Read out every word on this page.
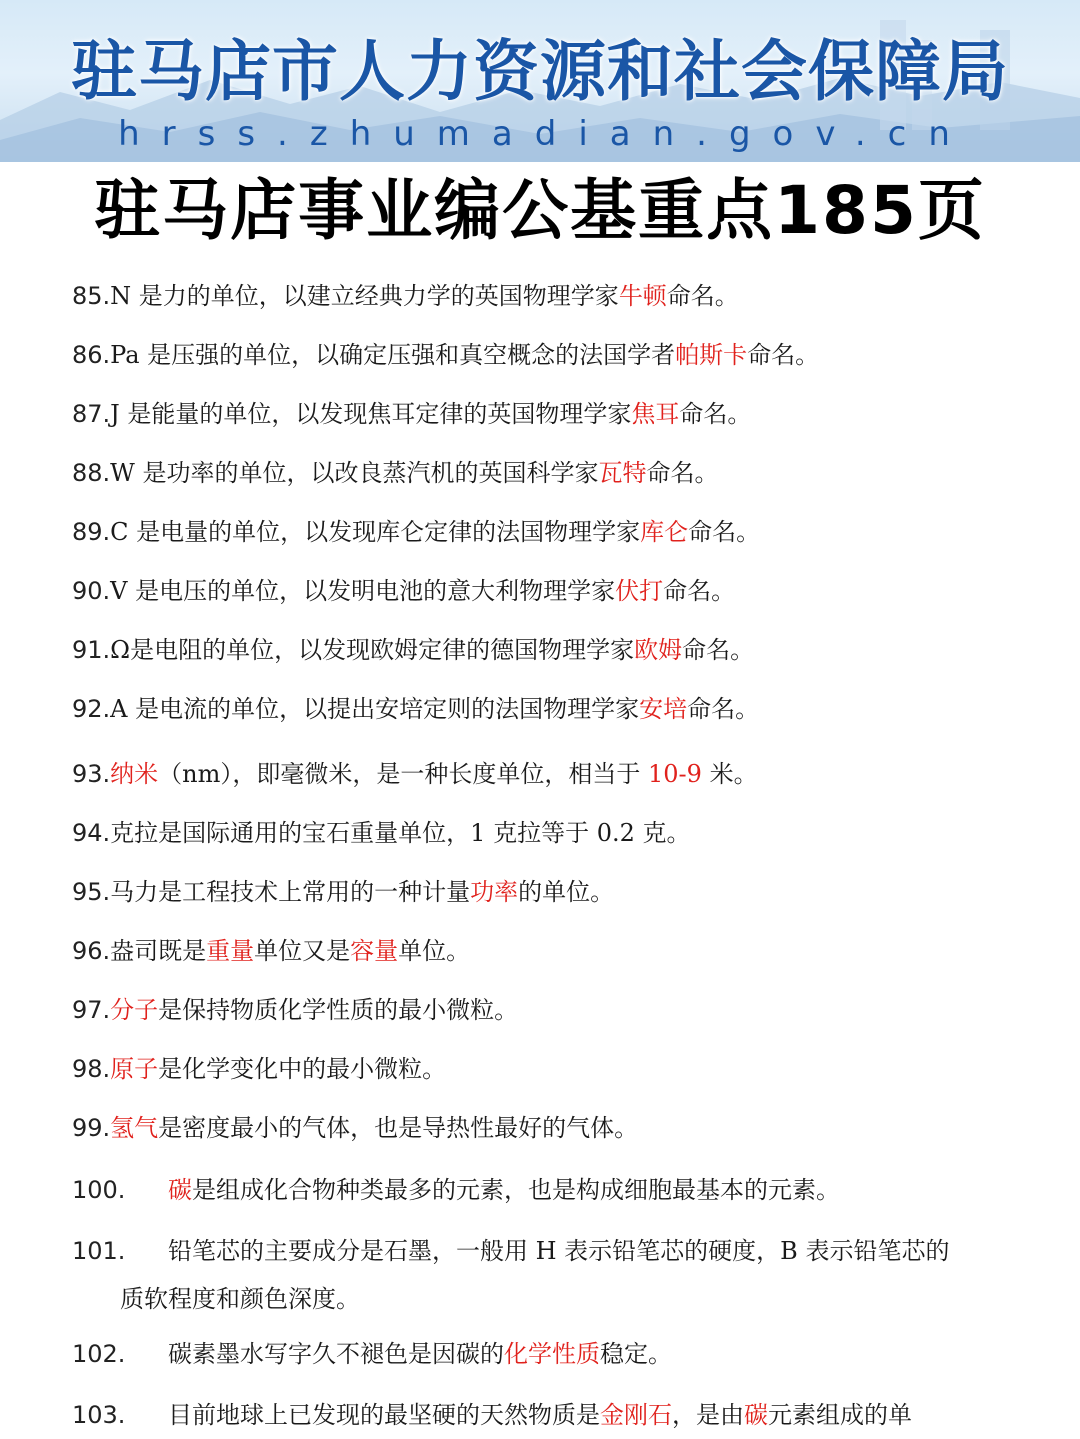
驻马店市人力资源和社会保障局
hrss.zhumadian.gov.cn
驻马店事业编公基重点185页
85.N 是力的单位，以建立经典力学的英国物理学家牛顿命名。
86.Pa 是压强的单位，以确定压强和真空概念的法国学者帕斯卡命名。
87.J 是能量的单位，以发现焦耳定律的英国物理学家焦耳命名。
88.W 是功率的单位，以改良蒸汽机的英国科学家瓦特命名。
89.C 是电量的单位，以发现库仑定律的法国物理学家库仑命名。
90.V 是电压的单位，以发明电池的意大利物理学家伏打命名。
91.Ω是电阻的单位，以发现欧姆定律的德国物理学家欧姆命名。
92.A 是电流的单位，以提出安培定则的法国物理学家安培命名。
93.纳米（nm），即毫微米，是一种长度单位，相当于 10-9 米。
94.克拉是国际通用的宝石重量单位，1 克拉等于 0.2 克。
95.马力是工程技术上常用的一种计量功率的单位。
96.盎司既是重量单位又是容量单位。
97.分子是保持物质化学性质的最小微粒。
98.原子是化学变化中的最小微粒。
99.氢气是密度最小的气体，也是导热性最好的气体。
100. 碳是组成化合物种类最多的元素，也是构成细胞最基本的元素。
101. 铅笔芯的主要成分是石墨，一般用 H 表示铅笔芯的硬度，B 表示铅笔芯的
质软程度和颜色深度。
102. 碳素墨水写字久不褪色是因碳的化学性质稳定。
103. 目前地球上已发现的最坚硬的天然物质是金刚石，是由碳元素组成的单
